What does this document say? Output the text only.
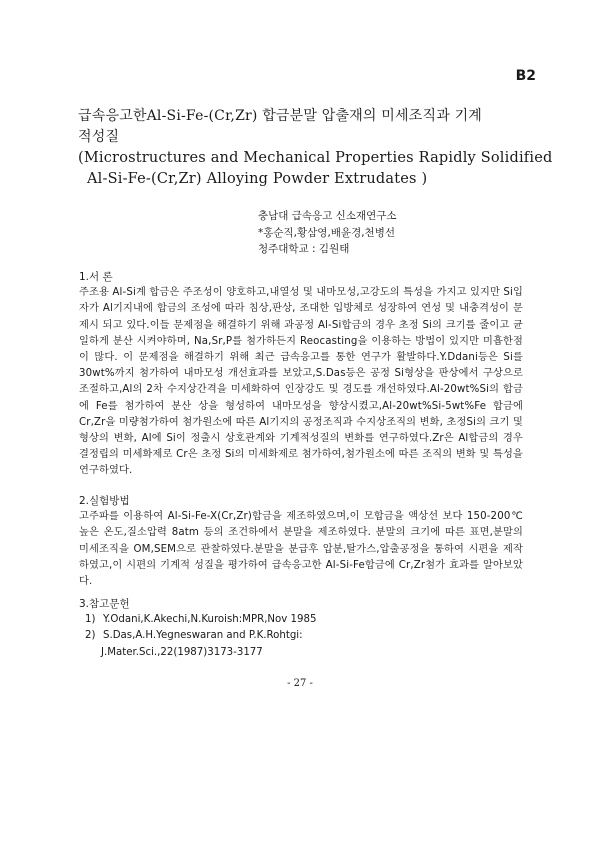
B2
급속응고한Al-Si-Fe-(Cr,Zr) 합금분말 압출재의 미세조직과 기계
적성질
(Microstructures and Mechanical Properties Rapidly Solidified
Al-Si-Fe-(Cr,Zr) Alloying Powder Extrudates )
충남대 급속응고 신소재연구소
*홍순직,황삼영,배윤경,천병선
청주대학교 : 김원태
1.서 론

주조용 Al-Si계 합금은 주조성이 양호하고,내열성 및 내마모성,고강도의 특성을 가지고 있지만 Si입자가 Al기지내에 합금의 조성에 따라 침상,판상, 조대한 입방체로 성장하여 연성 및 내충격성이 문제시 되고 있다.이들 문제점을 해결하기 위해 과공정 Al-Si합금의 경우 초정 Si의 크기를 줄이고 균일하게 분산 시켜야하며, Na,Sr,P를 첨가하든지 Reocasting을 이용하는 방법이 있지만 미흡한점이 많다. 이 문제점을 해결하기 위해 최근 급속응고를 통한 연구가 활발하다.Y.Ddani등은 Si를 30wt%까지 첨가하여 내마모성 개선효과를 보았고,S.Das등은 공정 Si형상을 판상에서 구상으로 조절하고,Al의 2차 수지상간격을 미세화하여 인장강도 및 경도를 개선하였다.Al-20wt%Si의 합금에 Fe를 첨가하여 분산 상을 형성하여 내마모성을 향상시켰고,Al-20wt%Si-5wt%Fe 합금에 Cr,Zr을 미량첨가하여 첨가원소에 따른 Al기지의 공정조직과 수지상조직의 변화, 초정Si의 크기 및 형상의 변화, Al에 Si이 정출시 상호관계와 기계적성질의 변화를 연구하였다.Zr은 Al합금의 경우 결정립의 미세화제로 Cr은 초정 Si의 미세화제로 첨가하여,첨가원소에 따른 조직의 변화 및 특성을 연구하였다.

2.실험방법

고주파를 이용하여 Al-Si-Fe-X(Cr,Zr)합금을 제조하였으며,이 모합금을 액상선 보다 150-200℃높은 온도,질소압력 8atm 등의 조건하에서 분말을 제조하였다. 분말의 크기에 따른 표면,분말의 미세조직을 OM,SEM으로 관찰하였다.분말을 분급후 압분,탈가스,압출공정을 통하여 시편을 제작하였고,이 시편의 기계적 성질을 평가하여 급속응고한 Al-Si-Fe합금에 Cr,Zr첨가 효과를 알아보았다.

3.참고문헌
1) Y.Odani,K.Akechi,N.Kuroish:MPR,Nov 1985
2) S.Das,A.H.Yegneswaran and P.K.Rohtgi:
J.Mater.Sci.,22(1987)3173-3177
- 27 -
